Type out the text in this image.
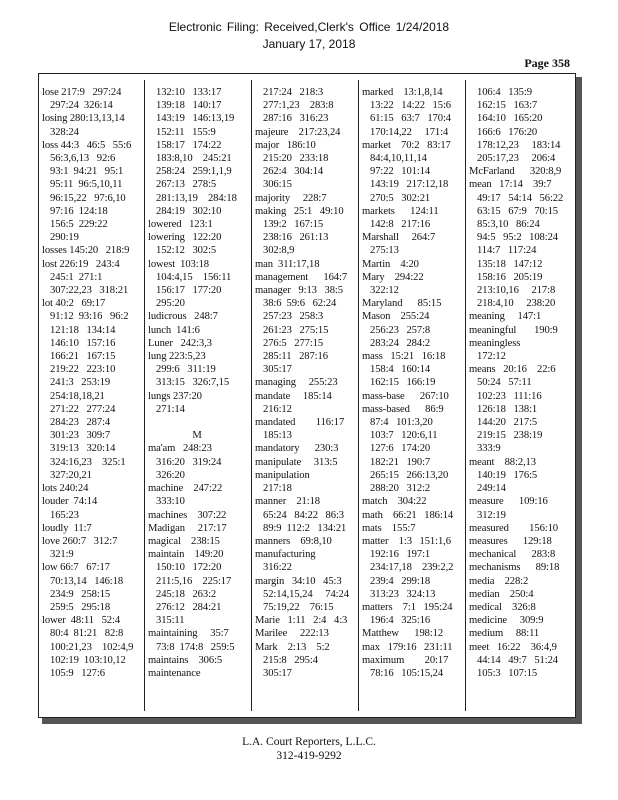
Electronic Filing: Received,Clerk's Office 1/24/2018
January 17, 2018
Page 358
lose 217:9   297:24
297:24  326:14
losing 280:13,13,14
328:24
loss 44:3   46:5   55:6
56:3,6,13   92:6
93:1  94:21   95:1
95:11  96:5,10,11
96:15,22   97:6,10
97:16  124:18
156:5  229:22
290:19
losses 145:20   218:9
lost 226:19   243:4
245:1  271:1
307:22,23   318:21
lot 40:2   69:17
91:12  93:16   96:2
121:18   134:14
146:10   157:16
166:21   167:15
219:22   223:10
241:3   253:19
254:18,18,21
271:22   277:24
284:23   287:4
301:23   309:7
319:13   320:14
324:16,23    325:1
327:20,21
lots 240:24
louder  74:14
165:23
loudly  11:7
love 260:7   312:7
321:9
low 66:7   67:17
70:13,14   146:18
234:9   258:15
259:5   295:18
lower  48:11   52:4
80:4  81:21   82:8
100:21,23    102:4,9
102:19  103:10,12
105:9   127:6
132:10   133:17
139:18   140:17
143:19   146:13,19
152:11   155:9
158:17   174:22
183:8,10    245:21
258:24   259:1,1,9
267:13   278:5
281:13,19    284:18
284:19   302:10
lowered   123:1
lowering   122:20
152:12   302:5
lowest  103:18
104:4,15    156:11
156:17   177:20
295:20
ludicrous   248:7
lunch  141:6
Luner   242:3,3
lung 223:5,23
299:6   311:19
313:15   326:7,15
lungs 237:20
271:14
M
ma'am   248:23
316:20   319:24
326:20
machine    247:22
333:10
machines    307:22
Madigan     217:17
magical    238:15
maintain    149:20
150:10   172:20
211:5,16    225:17
245:18   263:2
276:12   284:21
315:11
maintaining     35:7
73:8  174:8   259:5
maintains    306:5
maintenance
217:24   218:3
277:1,23    283:8
287:16   316:23
majeure    217:23,24
major   186:10
215:20   233:18
262:4   304:14
306:15
majority     228:7
making   25:1   49:10
139:2   167:15
238:16   261:13
302:8,9
man  311:17,18
management      164:7
manager   9:13   38:5
38:6  59:6   62:24
257:23   258:3
261:23   275:15
276:5   277:15
285:11   287:16
305:17
managing     255:23
mandate     185:14
216:12
mandated        116:17
185:13
mandatory      230:3
manipulate     313:5
manipulation
217:18
manner    21:18
65:24   84:22   86:3
89:9  112:2   134:21
manners    69:8,10
manufacturing
316:22
margin   34:10   45:3
52:14,15,24     74:24
75:19,22    76:15
Marie   1:11   2:4   4:3
Marilee     222:13
Mark    2:13    5:2
215:8   295:4
305:17
marked    13:1,8,14
13:22   14:22   15:6
61:15   63:7   170:4
170:14,22     171:4
market    70:2   83:17
84:4,10,11,14
97:22   101:14
143:19   217:12,18
270:5   302:21
markets      124:11
142:8   217:16
Marshall     264:7
275:13
Martin    4:20
Mary    294:22
322:12
Maryland      85:15
Mason    255:24
256:23   257:8
283:24   284:2
mass   15:21   16:18
158:4   160:14
162:15   166:19
mass-base      267:10
mass-based      86:9
87:4   101:3,20
103:7   120:6,11
127:6   174:20
182:21   190:7
265:15   266:13,20
288:20   312:2
match    304:22
math    66:21   186:14
mats    155:7
matter    1:3   151:1,6
192:16   197:1
234:17,18    239:2,2
239:4   299:18
313:23   324:13
matters    7:1   195:24
196:4   325:16
Matthew      198:12
max   179:16   231:11
maximum        20:17
78:16   105:15,24
106:4   135:9
162:15   163:7
164:10   165:20
166:6   176:20
178:12,23     183:14
205:17,23     206:4
McFarland      320:8,9
mean   17:14    39:7
49:17   54:14   56:22
63:15   67:9   70:15
85:3,10   86:24
94:5   95:2   108:24
114:7   117:24
135:18   147:12
158:16   205:19
213:10,16     217:8
218:4,10     238:20
meaning     147:1
meaningful       190:9
meaningless
172:12
means   20:16    22:6
50:24   57:11
102:23   111:16
126:18   138:1
144:20   217:5
219:15   238:19
333:9
meant    88:2,13
140:19   176:5
249:14
measure      109:16
312:19
measured        156:10
measures      129:18
mechanical      283:8
mechanisms      89:18
media    228:2
median    250:4
medical    326:8
medicine     309:9
medium     88:11
meet   16:22    36:4,9
44:14   49:7   51:24
105:3   107:15
L.A. Court Reporters, L.L.C.
312-419-9292
